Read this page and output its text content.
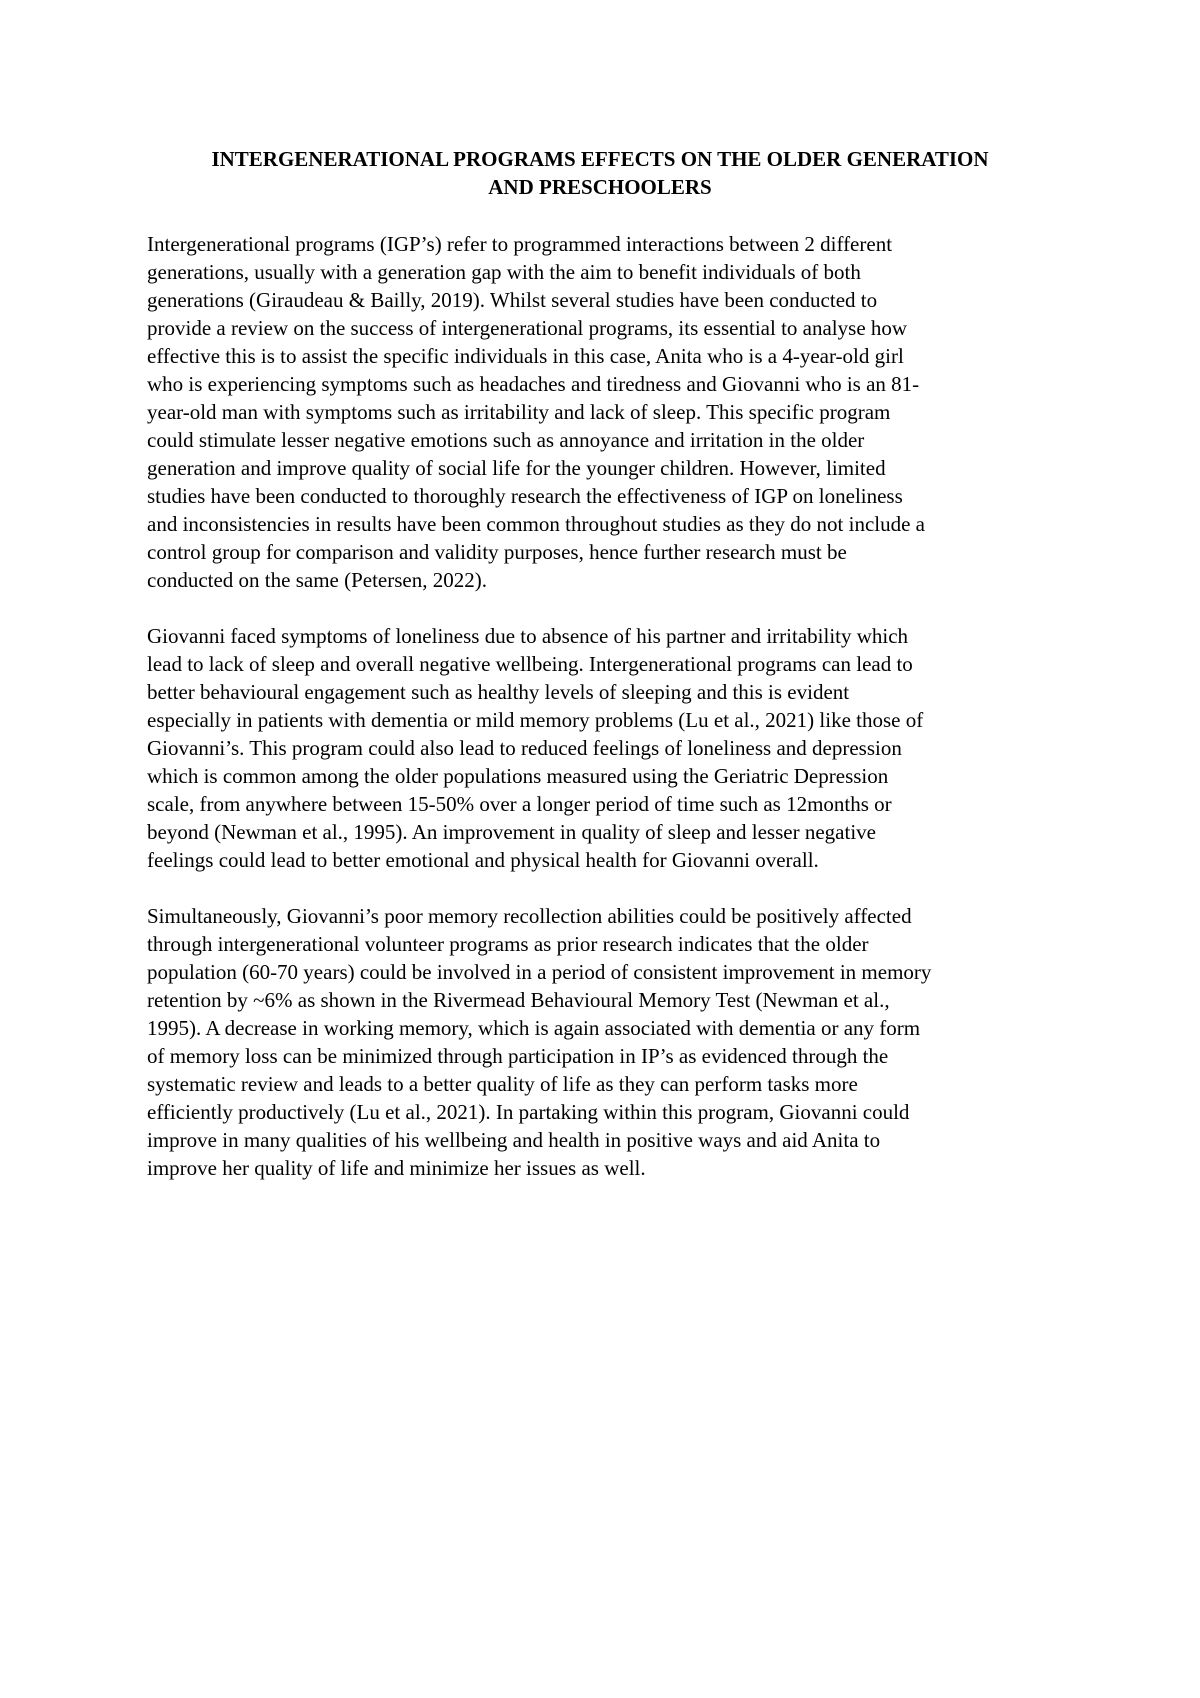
INTERGENERATIONAL PROGRAMS EFFECTS ON THE OLDER GENERATION
AND PRESCHOOLERS
Intergenerational programs (IGP’s) refer to programmed interactions between 2 different
generations, usually with a generation gap with the aim to benefit individuals of both
generations (Giraudeau & Bailly, 2019). Whilst several studies have been conducted to
provide a review on the success of intergenerational programs, its essential to analyse how
effective this is to assist the specific individuals in this case, Anita who is a 4-year-old girl
who is experiencing symptoms such as headaches and tiredness and Giovanni who is an 81-
year-old man with symptoms such as irritability and lack of sleep. This specific program
could stimulate lesser negative emotions such as annoyance and irritation in the older
generation and improve quality of social life for the younger children. However, limited
studies have been conducted to thoroughly research the effectiveness of IGP on loneliness
and inconsistencies in results have been common throughout studies as they do not include a
control group for comparison and validity purposes, hence further research must be
conducted on the same (Petersen, 2022).
Giovanni faced symptoms of loneliness due to absence of his partner and irritability which
lead to lack of sleep and overall negative wellbeing. Intergenerational programs can lead to
better behavioural engagement such as healthy levels of sleeping and this is evident
especially in patients with dementia or mild memory problems (Lu et al., 2021) like those of
Giovanni’s. This program could also lead to reduced feelings of loneliness and depression
which is common among the older populations measured using the Geriatric Depression
scale, from anywhere between 15-50% over a longer period of time such as 12months or
beyond (Newman et al., 1995). An improvement in quality of sleep and lesser negative
feelings could lead to better emotional and physical health for Giovanni overall.
Simultaneously, Giovanni’s poor memory recollection abilities could be positively affected
through intergenerational volunteer programs as prior research indicates that the older
population (60-70 years) could be involved in a period of consistent improvement in memory
retention by ~6% as shown in the Rivermead Behavioural Memory Test (Newman et al.,
1995). A decrease in working memory, which is again associated with dementia or any form
of memory loss can be minimized through participation in IP’s as evidenced through the
systematic review and leads to a better quality of life as they can perform tasks more
efficiently productively (Lu et al., 2021). In partaking within this program, Giovanni could
improve in many qualities of his wellbeing and health in positive ways and aid Anita to
improve her quality of life and minimize her issues as well.
